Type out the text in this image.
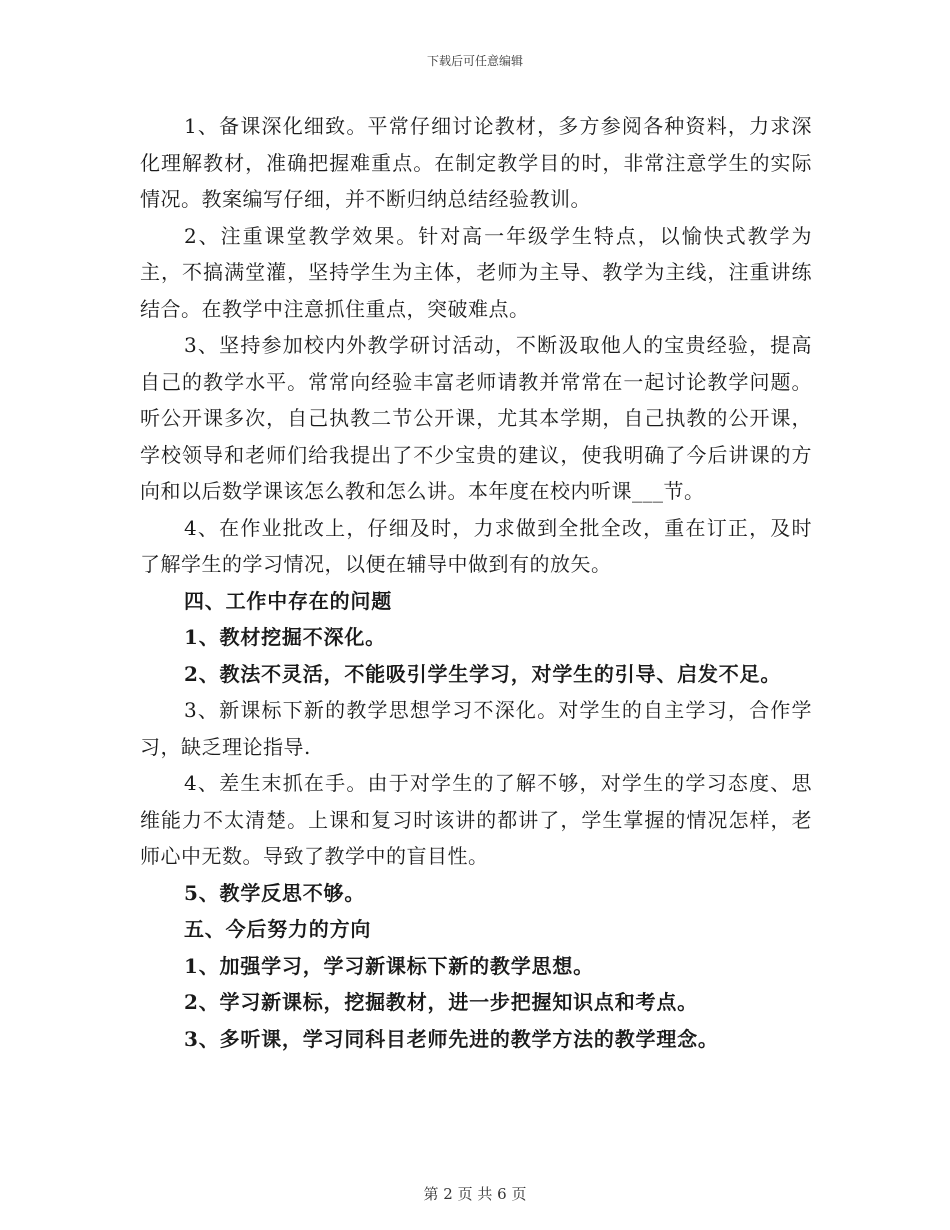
下载后可任意编辑

1、备课深化细致。平常仔细讨论教材，多方参阅各种资料，力求深化理解教材，准确把握难重点。在制定教学目的时，非常注意学生的实际情况。教案编写仔细，并不断归纳总结经验教训。

2、注重课堂教学效果。针对高一年级学生特点，以愉快式教学为主，不搞满堂灌，坚持学生为主体，老师为主导、教学为主线，注重讲练结合。在教学中注意抓住重点，突破难点。

3、坚持参加校内外教学研讨活动，不断汲取他人的宝贵经验，提高自己的教学水平。常常向经验丰富老师请教并常常在一起讨论教学问题。听公开课多次，自己执教二节公开课，尤其本学期，自己执教的公开课，学校领导和老师们给我提出了不少宝贵的建议，使我明确了今后讲课的方向和以后数学课该怎么教和怎么讲。本年度在校内听课___节。

4、在作业批改上，仔细及时，力求做到全批全改，重在订正，及时了解学生的学习情况，以便在辅导中做到有的放矢。

四、工作中存在的问题

1、教材挖掘不深化。

2、教法不灵活，不能吸引学生学习，对学生的引导、启发不足。

3、新课标下新的教学思想学习不深化。对学生的自主学习，合作学习，缺乏理论指导.

4、差生末抓在手。由于对学生的了解不够，对学生的学习态度、思维能力不太清楚。上课和复习时该讲的都讲了，学生掌握的情况怎样，老师心中无数。导致了教学中的盲目性。

5、教学反思不够。

五、今后努力的方向

1、加强学习，学习新课标下新的教学思想。

2、学习新课标，挖掘教材，进一步把握知识点和考点。

3、多听课，学习同科目老师先进的教学方法的教学理念。

第 2 页 共 6 页
